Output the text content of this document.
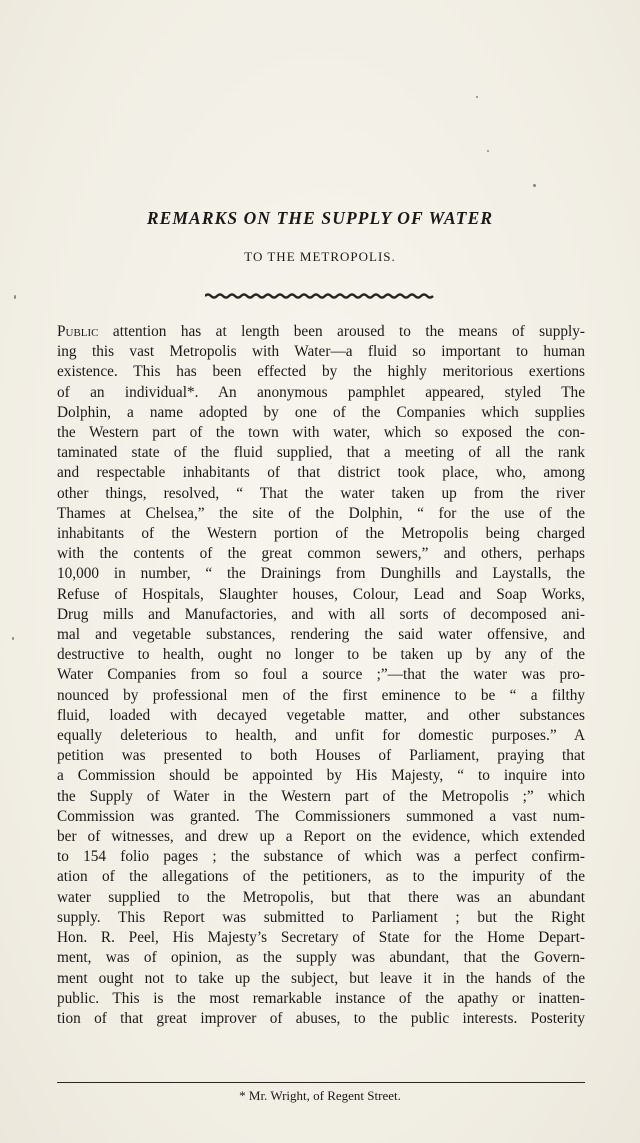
REMARKS ON THE SUPPLY OF WATER
TO THE METROPOLIS.
Public attention has at length been aroused to the means of supply-
ing this vast Metropolis with Water—a fluid so important to human
existence. This has been effected by the highly meritorious exertions
of an individual*. An anonymous pamphlet appeared, styled The
Dolphin, a name adopted by one of the Companies which supplies
the Western part of the town with water, which so exposed the con-
taminated state of the fluid supplied, that a meeting of all the rank
and respectable inhabitants of that district took place, who, among
other things, resolved, “ That the water taken up from the river
Thames at Chelsea,” the site of the Dolphin, “ for the use of the
inhabitants of the Western portion of the Metropolis being charged
with the contents of the great common sewers,” and others, perhaps
10,000 in number, “ the Drainings from Dunghills and Laystalls, the
Refuse of Hospitals, Slaughter houses, Colour, Lead and Soap Works,
Drug mills and Manufactories, and with all sorts of decomposed ani-
mal and vegetable substances, rendering the said water offensive, and
destructive to health, ought no longer to be taken up by any of the
Water Companies from so foul a source ;”—that the water was pro-
nounced by professional men of the first eminence to be “ a filthy
fluid, loaded with decayed vegetable matter, and other substances
equally deleterious to health, and unfit for domestic purposes.” A
petition was presented to both Houses of Parliament, praying that
a Commission should be appointed by His Majesty, “ to inquire into
the Supply of Water in the Western part of the Metropolis ;” which
Commission was granted. The Commissioners summoned a vast num-
ber of witnesses, and drew up a Report on the evidence, which extended
to 154 folio pages ; the substance of which was a perfect confirm-
ation of the allegations of the petitioners, as to the impurity of the
water supplied to the Metropolis, but that there was an abundant
supply. This Report was submitted to Parliament ; but the Right
Hon. R. Peel, His Majesty’s Secretary of State for the Home Depart-
ment, was of opinion, as the supply was abundant, that the Govern-
ment ought not to take up the subject, but leave it in the hands of the
public. This is the most remarkable instance of the apathy or inatten-
tion of that great improver of abuses, to the public interests. Posterity
* Mr. Wright, of Regent Street.
